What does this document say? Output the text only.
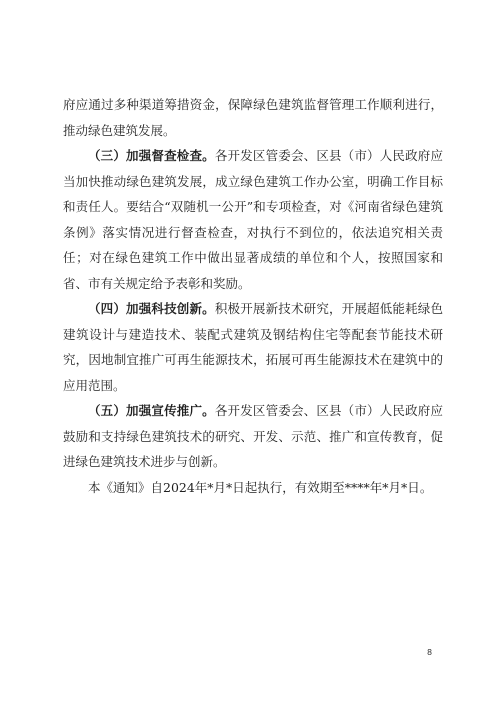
府应通过多种渠道筹措资金，保障绿色建筑监督管理工作顺利进行，推动绿色建筑发展。

（三）加强督查检查。各开发区管委会、区县（市）人民政府应当加快推动绿色建筑发展，成立绿色建筑工作办公室，明确工作目标和责任人。要结合“双随机一公开”和专项检查，对《河南省绿色建筑条例》落实情况进行督查检查，对执行不到位的，依法追究相关责任；对在绿色建筑工作中做出显著成绩的单位和个人，按照国家和省、市有关规定给予表彰和奖励。

（四）加强科技创新。积极开展新技术研究，开展超低能耗绿色建筑设计与建造技术、装配式建筑及钢结构住宅等配套节能技术研究，因地制宜推广可再生能源技术，拓展可再生能源技术在建筑中的应用范围。

（五）加强宣传推广。各开发区管委会、区县（市）人民政府应鼓励和支持绿色建筑技术的研究、开发、示范、推广和宣传教育，促进绿色建筑技术进步与创新。

本《通知》自2024年*月*日起执行，有效期至****年*月*日。

8
